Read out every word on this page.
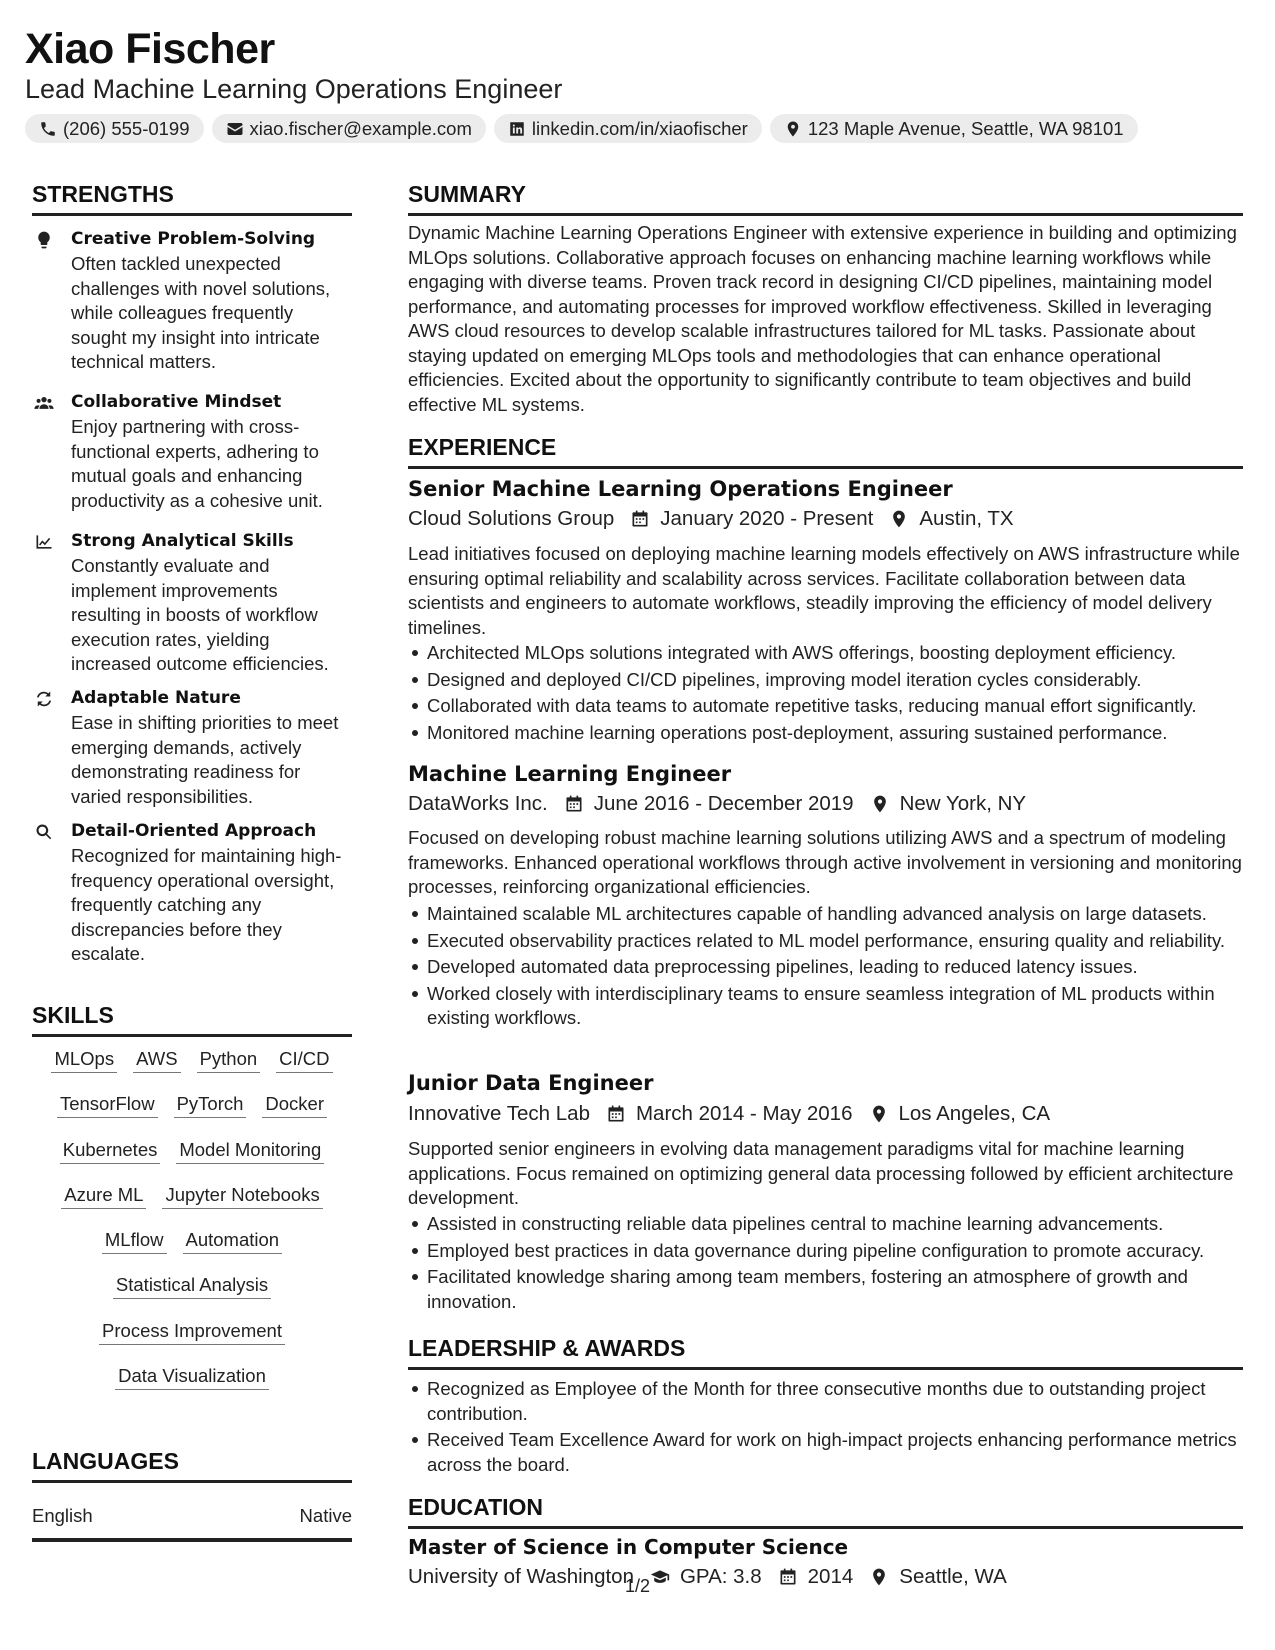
Xiao Fischer
Lead Machine Learning Operations Engineer
(206) 555-0199	xiao.fischer@example.com	linkedin.com/in/xiaofischer	123 Maple Avenue, Seattle, WA 98101
STRENGTHS
Creative Problem-Solving
Often tackled unexpected challenges with novel solutions, while colleagues frequently sought my insight into intricate technical matters.
Collaborative Mindset
Enjoy partnering with cross-functional experts, adhering to mutual goals and enhancing productivity as a cohesive unit.
Strong Analytical Skills
Constantly evaluate and implement improvements resulting in boosts of workflow execution rates, yielding increased outcome efficiencies.
Adaptable Nature
Ease in shifting priorities to meet emerging demands, actively demonstrating readiness for varied responsibilities.
Detail-Oriented Approach
Recognized for maintaining high-frequency operational oversight, frequently catching any discrepancies before they escalate.
SKILLS
MLOps AWS Python CI/CD
TensorFlow PyTorch Docker
Kubernetes Model Monitoring
Azure ML Jupyter Notebooks
MLflow Automation
Statistical Analysis
Process Improvement
Data Visualization
LANGUAGES
English	Native
SUMMARY
Dynamic Machine Learning Operations Engineer with extensive experience in building and optimizing MLOps solutions. Collaborative approach focuses on enhancing machine learning workflows while engaging with diverse teams. Proven track record in designing CI/CD pipelines, maintaining model performance, and automating processes for improved workflow effectiveness. Skilled in leveraging AWS cloud resources to develop scalable infrastructures tailored for ML tasks. Passionate about staying updated on emerging MLOps tools and methodologies that can enhance operational efficiencies. Excited about the opportunity to significantly contribute to team objectives and build effective ML systems.
EXPERIENCE
Senior Machine Learning Operations Engineer
Cloud Solutions Group January 2020 - Present Austin, TX
Lead initiatives focused on deploying machine learning models effectively on AWS infrastructure while ensuring optimal reliability and scalability across services. Facilitate collaboration between data scientists and engineers to automate workflows, steadily improving the efficiency of model delivery timelines.
Architected MLOps solutions integrated with AWS offerings, boosting deployment efficiency.
Designed and deployed CI/CD pipelines, improving model iteration cycles considerably.
Collaborated with data teams to automate repetitive tasks, reducing manual effort significantly.
Monitored machine learning operations post-deployment, assuring sustained performance.
Machine Learning Engineer
DataWorks Inc. June 2016 - December 2019 New York, NY
Focused on developing robust machine learning solutions utilizing AWS and a spectrum of modeling frameworks. Enhanced operational workflows through active involvement in versioning and monitoring processes, reinforcing organizational efficiencies.
Maintained scalable ML architectures capable of handling advanced analysis on large datasets.
Executed observability practices related to ML model performance, ensuring quality and reliability.
Developed automated data preprocessing pipelines, leading to reduced latency issues.
Worked closely with interdisciplinary teams to ensure seamless integration of ML products within existing workflows.
Junior Data Engineer
Innovative Tech Lab March 2014 - May 2016 Los Angeles, CA
Supported senior engineers in evolving data management paradigms vital for machine learning applications. Focus remained on optimizing general data processing followed by efficient architecture development.
Assisted in constructing reliable data pipelines central to machine learning advancements.
Employed best practices in data governance during pipeline configuration to promote accuracy.
Facilitated knowledge sharing among team members, fostering an atmosphere of growth and innovation.
LEADERSHIP & AWARDS
Recognized as Employee of the Month for three consecutive months due to outstanding project contribution.
Received Team Excellence Award for work on high-impact projects enhancing performance metrics across the board.
EDUCATION
Master of Science in Computer Science
University of Washington GPA: 3.8 2014 Seattle, WA
1/2
